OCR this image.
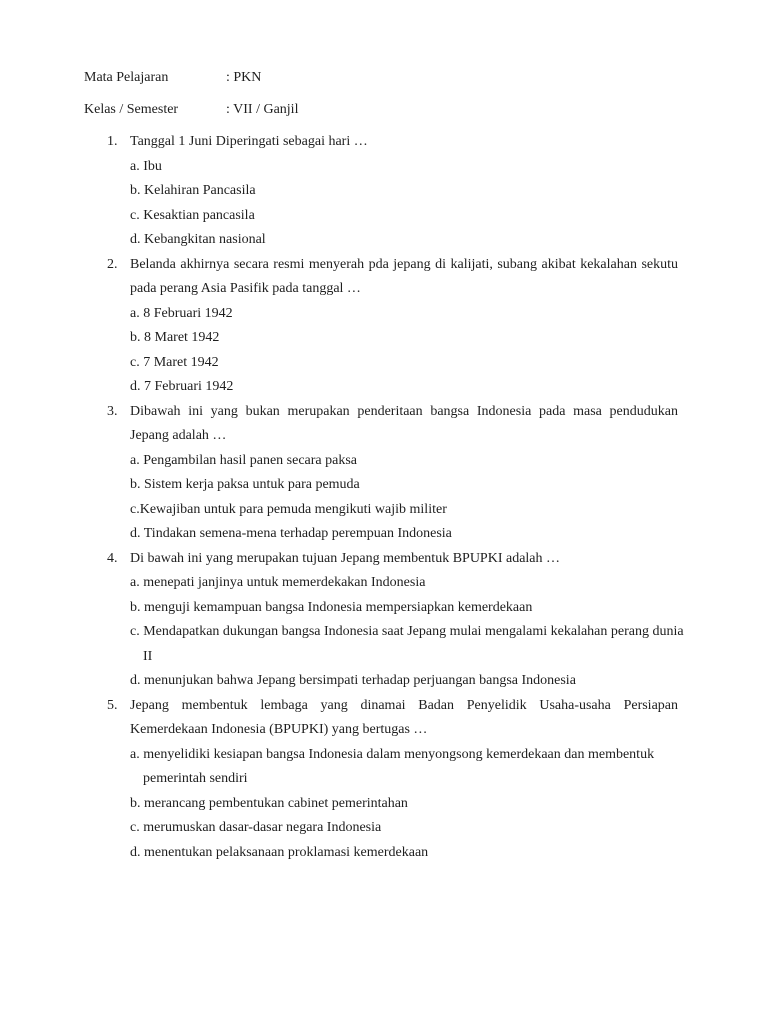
Mata Pelajaran	: PKN
Kelas / Semester	: VII / Ganjil
1. Tanggal 1 Juni Diperingati sebagai hari …
a. Ibu
b. Kelahiran Pancasila
c. Kesaktian pancasila
d. Kebangkitan nasional
2. Belanda akhirnya secara resmi menyerah pda jepang di kalijati, subang akibat kekalahan sekutu pada perang Asia Pasifik pada tanggal …
a. 8 Februari 1942
b. 8 Maret 1942
c. 7 Maret 1942
d. 7 Februari 1942
3. Dibawah ini yang bukan merupakan penderitaan bangsa Indonesia pada masa pendudukan Jepang adalah …
a. Pengambilan hasil panen secara paksa
b. Sistem kerja paksa untuk para pemuda
c.Kewajiban untuk para pemuda mengikuti wajib militer
d. Tindakan semena-mena terhadap perempuan Indonesia
4. Di bawah ini yang merupakan tujuan Jepang membentuk BPUPKI adalah …
a. menepati janjinya untuk memerdekakan Indonesia
b. menguji kemampuan bangsa Indonesia mempersiapkan kemerdekaan
c. Mendapatkan dukungan bangsa Indonesia saat Jepang mulai mengalami kekalahan perang dunia II
d. menunjukan bahwa Jepang bersimpati terhadap perjuangan bangsa Indonesia
5. Jepang membentuk lembaga yang dinamai Badan Penyelidik Usaha-usaha Persiapan Kemerdekaan Indonesia (BPUPKI) yang bertugas …
a. menyelidiki kesiapan bangsa Indonesia dalam menyongsong kemerdekaan dan membentuk pemerintah sendiri
b. merancang pembentukan cabinet pemerintahan
c. merumuskan dasar-dasar negara Indonesia
d. menentukan pelaksanaan proklamasi kemerdekaan
